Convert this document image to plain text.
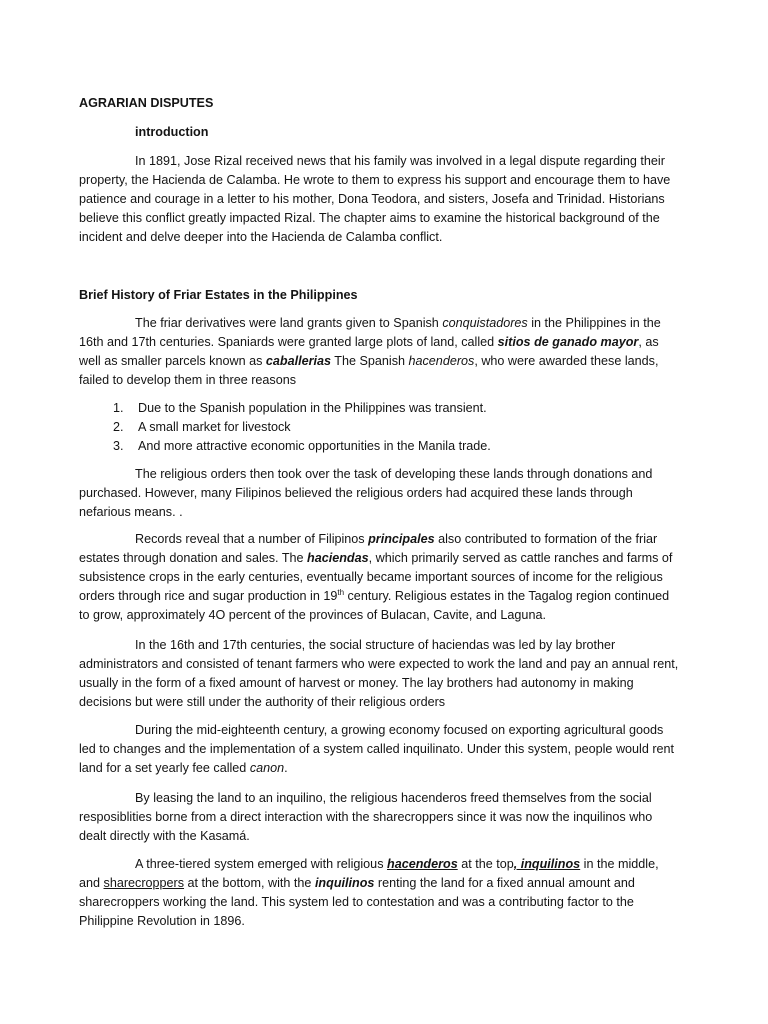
AGRARIAN DISPUTES

introduction

In 1891, Jose Rizal received news that his family was involved in a legal dispute regarding their property, the Hacienda de Calamba. He wrote to them to express his support and encourage them to have patience and courage in a letter to his mother, Dona Teodora, and sisters, Josefa and Trinidad. Historians believe this conflict greatly impacted Rizal. The chapter aims to examine the historical background of the incident and delve deeper into the Hacienda de Calamba conflict.

Brief History of Friar Estates in the Philippines

The friar derivatives were land grants given to Spanish conquistadores in the Philippines in the 16th and 17th centuries. Spaniards were granted large plots of land, called sitios de ganado mayor, as well as smaller parcels known as caballerias The Spanish hacenderos, who were awarded these lands, failed to develop them in three reasons

1. Due to the Spanish population in the Philippines was transient.
2. A small market for livestock
3. And more attractive economic opportunities in the Manila trade.

The religious orders then took over the task of developing these lands through donations and purchased. However, many Filipinos believed the religious orders had acquired these lands through nefarious means. .

Records reveal that a number of Filipinos principales also contributed to formation of the friar estates through donation and sales. The haciendas, which primarily served as cattle ranches and farms of subsistence crops in the early centuries, eventually became important sources of income for the religious orders through rice and sugar production in 19th century. Religious estates in the Tagalog region continued to grow, approximately 4O percent of the provinces of Bulacan, Cavite, and Laguna.

In the 16th and 17th centuries, the social structure of haciendas was led by lay brother administrators and consisted of tenant farmers who were expected to work the land and pay an annual rent, usually in the form of a fixed amount of harvest or money. The lay brothers had autonomy in making decisions but were still under the authority of their religious orders

During the mid-eighteenth century, a growing economy focused on exporting agricultural goods led to changes and the implementation of a system called inquilinato. Under this system, people would rent land for a set yearly fee called canon.

By leasing the land to an inquilino, the religious hacenderos freed themselves from the social resposiblities borne from a direct interaction with the sharecroppers since it was now the inquilinos who dealt directly with the Kasamá.

A three-tiered system emerged with religious hacenderos at the top, inquilinos in the middle, and sharecroppers at the bottom, with the inquilinos renting the land for a fixed annual amount and sharecroppers working the land. This system led to contestation and was a contributing factor to the Philippine Revolution in 1896.
